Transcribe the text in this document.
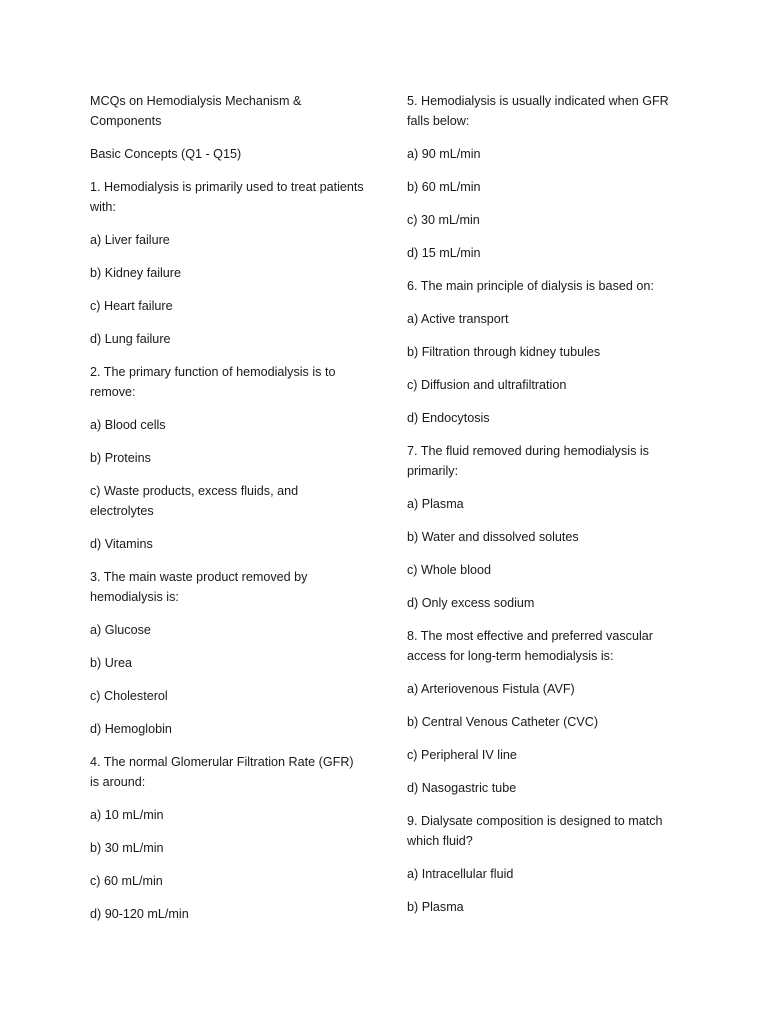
MCQs on Hemodialysis Mechanism & Components

Basic Concepts (Q1 - Q15)

1. Hemodialysis is primarily used to treat patients with:

a) Liver failure

b) Kidney failure

c) Heart failure

d) Lung failure

2. The primary function of hemodialysis is to remove:

a) Blood cells

b) Proteins

c) Waste products, excess fluids, and electrolytes

d) Vitamins

3. The main waste product removed by hemodialysis is:

a) Glucose

b) Urea

c) Cholesterol

d) Hemoglobin

4. The normal Glomerular Filtration Rate (GFR) is around:

a) 10 mL/min

b) 30 mL/min

c) 60 mL/min

d) 90-120 mL/min

5. Hemodialysis is usually indicated when GFR falls below:

a) 90 mL/min

b) 60 mL/min

c) 30 mL/min

d) 15 mL/min

6. The main principle of dialysis is based on:

a) Active transport

b) Filtration through kidney tubules

c) Diffusion and ultrafiltration

d) Endocytosis

7. The fluid removed during hemodialysis is primarily:

a) Plasma

b) Water and dissolved solutes

c) Whole blood

d) Only excess sodium

8. The most effective and preferred vascular access for long-term hemodialysis is:

a) Arteriovenous Fistula (AVF)

b) Central Venous Catheter (CVC)

c) Peripheral IV line

d) Nasogastric tube

9. Dialysate composition is designed to match which fluid?

a) Intracellular fluid

b) Plasma
